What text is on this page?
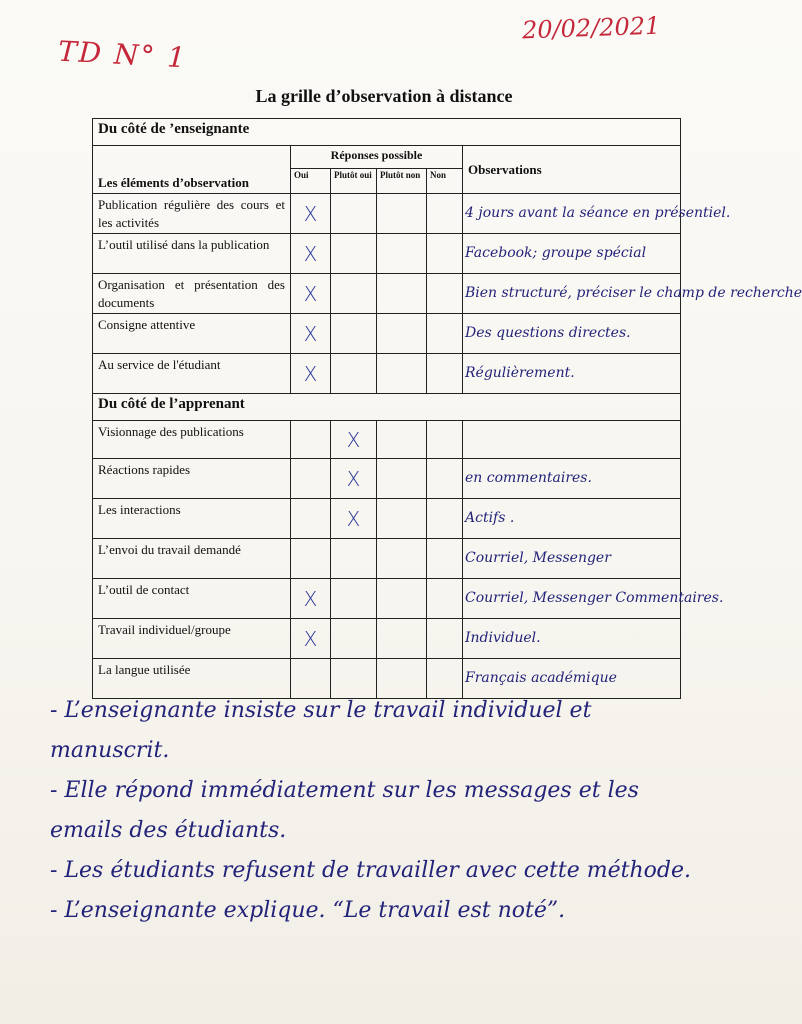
20/02/2021
TD N° 1
La grille d’observation à distance
Du côté de ’enseignante					
Les éléments d’observation	Réponses possible				Observations
	Oui	Plutôt oui	Plutôt non	Non	
Publication régulière des cours et les activités	X				4 jours avant la séance en présentiel.
L’outil utilisé dans la publication	X				Facebook; groupe spécial
Organisation et présentation des documents	X				Bien structuré, préciser le champ de recherche
Consigne attentive	X				Des questions directes.
Au service de l'étudiant	X				Régulièrement.
Du côté de l’apprenant					
Visionnage des publications		X			
Réactions rapides		X			en commentaires.
Les interactions		X			Actifs .
L’envoi du travail demandé					Courriel, Messenger
L’outil de contact	X				Courriel, Messenger Commentaires.
Travail individuel/groupe	X				Individuel.
La langue utilisée					Français académique

- L’enseignante insiste sur le travail individuel et

manuscrit.

- Elle répond immédiatement sur les messages et les

emails des étudiants.

- Les étudiants refusent de travailler avec cette méthode.

- L’enseignante explique. “Le travail est noté”.
